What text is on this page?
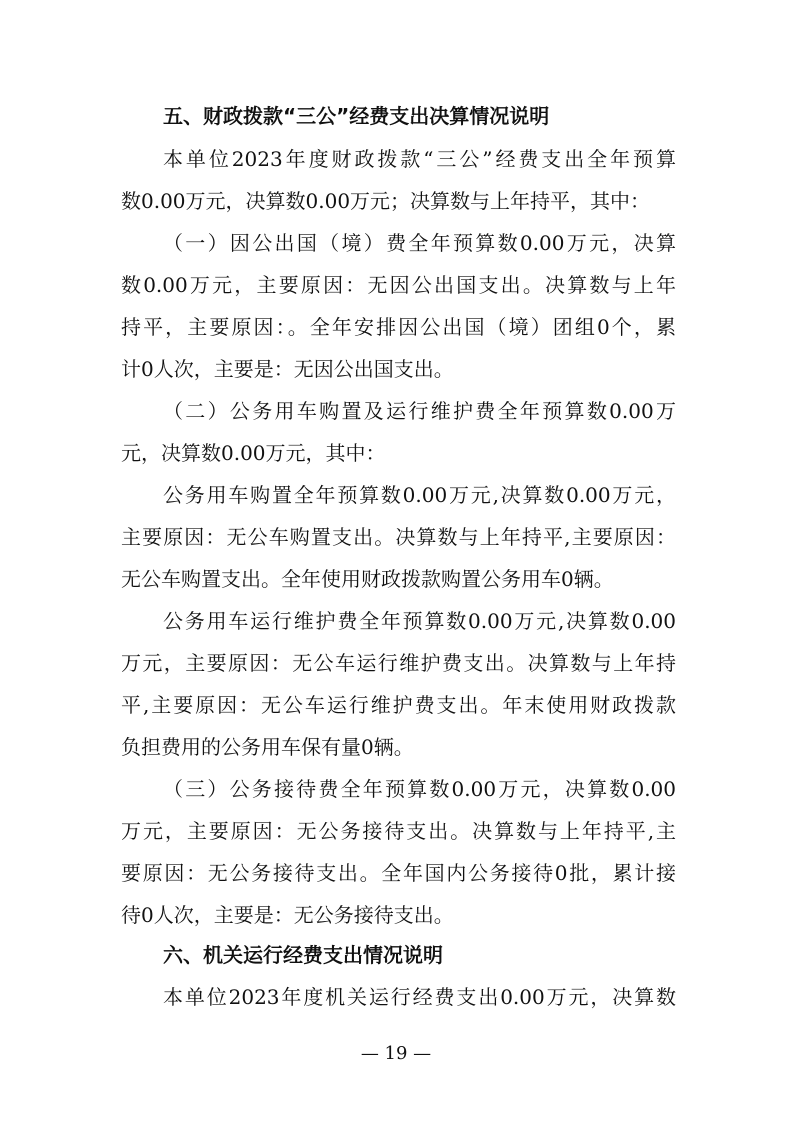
五、财政拨款“三公”经费支出决算情况说明
本单位2023年度财政拨款“三公”经费支出全年预算
数0.00万元，决算数0.00万元；决算数与上年持平，其中：
（一）因公出国（境）费全年预算数0.00万元，决算
数0.00万元，主要原因：无因公出国支出。决算数与上年
持平，主要原因：。全年安排因公出国（境）团组0个，累
计0人次，主要是：无因公出国支出。
（二）公务用车购置及运行维护费全年预算数0.00万
元，决算数0.00万元，其中：
公务用车购置全年预算数0.00万元,决算数0.00万元，
主要原因：无公车购置支出。决算数与上年持平,主要原因：
无公车购置支出。全年使用财政拨款购置公务用车0辆。
公务用车运行维护费全年预算数0.00万元,决算数0.00
万元，主要原因：无公车运行维护费支出。决算数与上年持
平,主要原因：无公车运行维护费支出。年末使用财政拨款
负担费用的公务用车保有量0辆。
（三）公务接待费全年预算数0.00万元，决算数0.00
万元，主要原因：无公务接待支出。决算数与上年持平,主
要原因：无公务接待支出。全年国内公务接待0批，累计接
待0人次，主要是：无公务接待支出。
六、机关运行经费支出情况说明
本单位2023年度机关运行经费支出0.00万元，决算数
— 19 —
